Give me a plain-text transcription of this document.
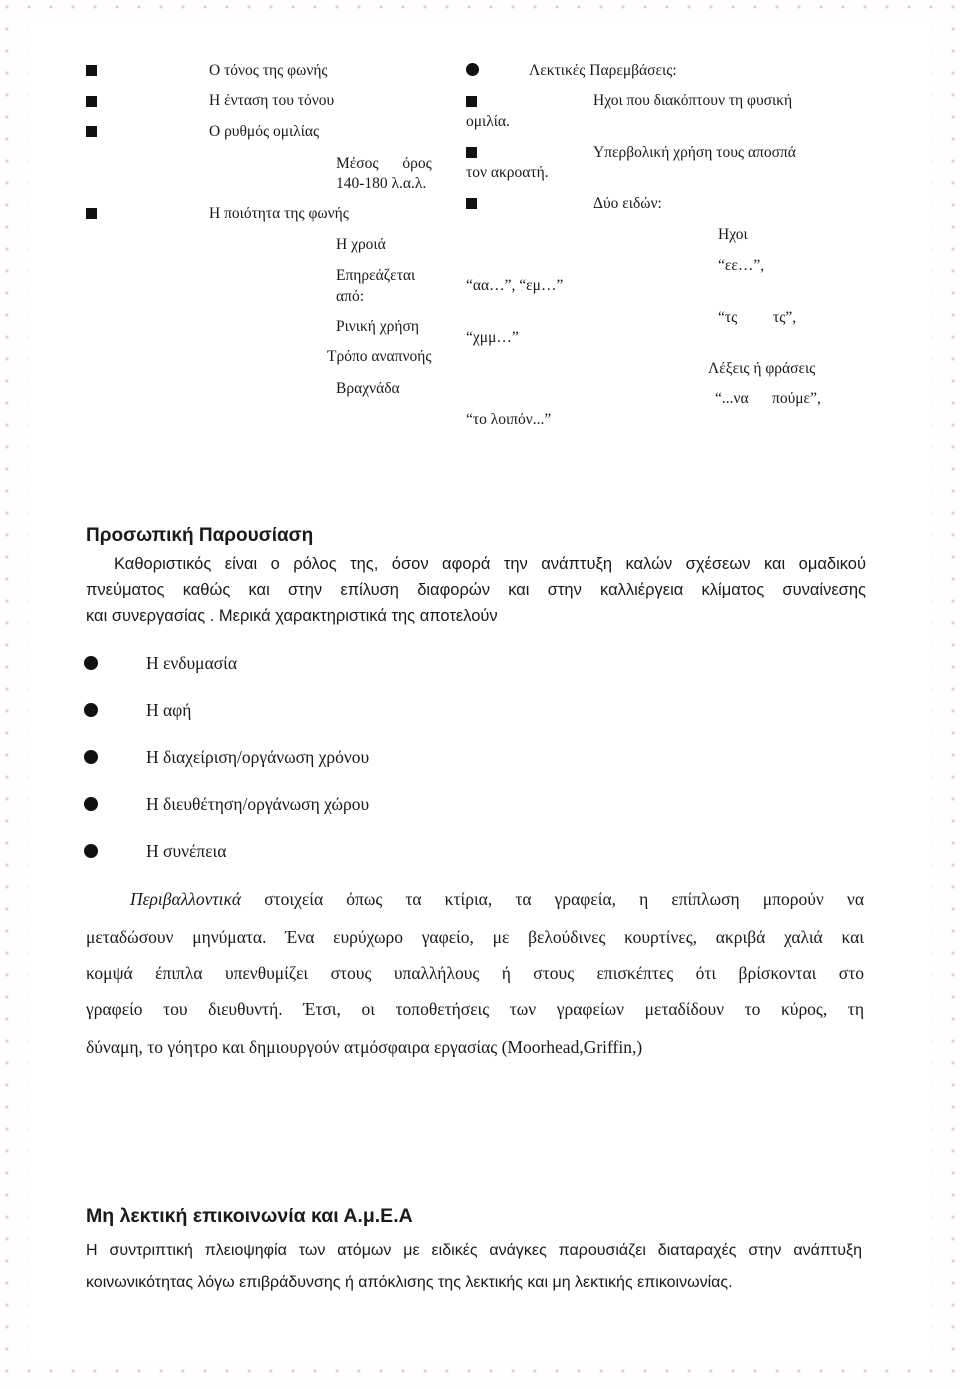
Ο τόνος της φωνής
Η ένταση του τόνου
Ο ρυθμός ομιλίας
Μέσος όρος
140-180 λ.α.λ.
Η ποιότητα της φωνής
Η χροιά
Επηρεάζεται
από:
Ρινική χρήση
Τρόπο αναπνοής
Βραχνάδα
Λεκτικές Παρεμβάσεις:
Ηχοι που διακόπτουν τη φυσική
ομιλία.
Υπερβολική χρήση τους αποσπά
τον ακροατή.
Δύο ειδών:
Ηχοι
“εε…”,
“τς τς”,
Λέξεις ή φράσεις
“...να πούμε”,
“αα…”, “εμ…”
“χμμ…”
“το λοιπόν...”
Προσωπική Παρουσίαση
Καθοριστικός είναι ο ρόλος της, όσον αφορά την ανάπτυξη καλών σχέσεων και ομαδικού
πνεύματος καθώς και στην επίλυση διαφορών και στην καλλιέργεια κλίματος συναίνεσης
και συνεργασίας . Μερικά χαρακτηριστικά της αποτελούν
Η ενδυμασία
Η αφή
Η διαχείριση/οργάνωση χρόνου
Η διευθέτηση/οργάνωση χώρου
Η συνέπεια
Περιβαλλοντικά στοιχεία όπως τα κτίρια, τα γραφεία, η επίπλωση μπορούν να
μεταδώσουν μηνύματα. Ένα ευρύχωρο γαφείο, με βελούδινες κουρτίνες, ακριβά χαλιά και
κομψά έπιπλα υπενθυμίζει στους υπαλλήλους ή στους επισκέπτες ότι βρίσκονται στο
γραφείο του διευθυντή. Έτσι, οι τοποθετήσεις των γραφείων μεταδίδουν το κύρος, τη
δύναμη, το γόητρο και δημιουργούν ατμόσφαιρα εργασίας (Moorhead,Griffin,)
Μη λεκτική επικοινωνία και Α.μ.Ε.Α
Η συντριπτική πλειοψηφία των ατόμων με ειδικές ανάγκες παρουσιάζει διαταραχές στην ανάπτυξη
κοινωνικότητας λόγω επιβράδυνσης ή απόκλισης της λεκτικής και μη λεκτικής επικοινωνίας.
